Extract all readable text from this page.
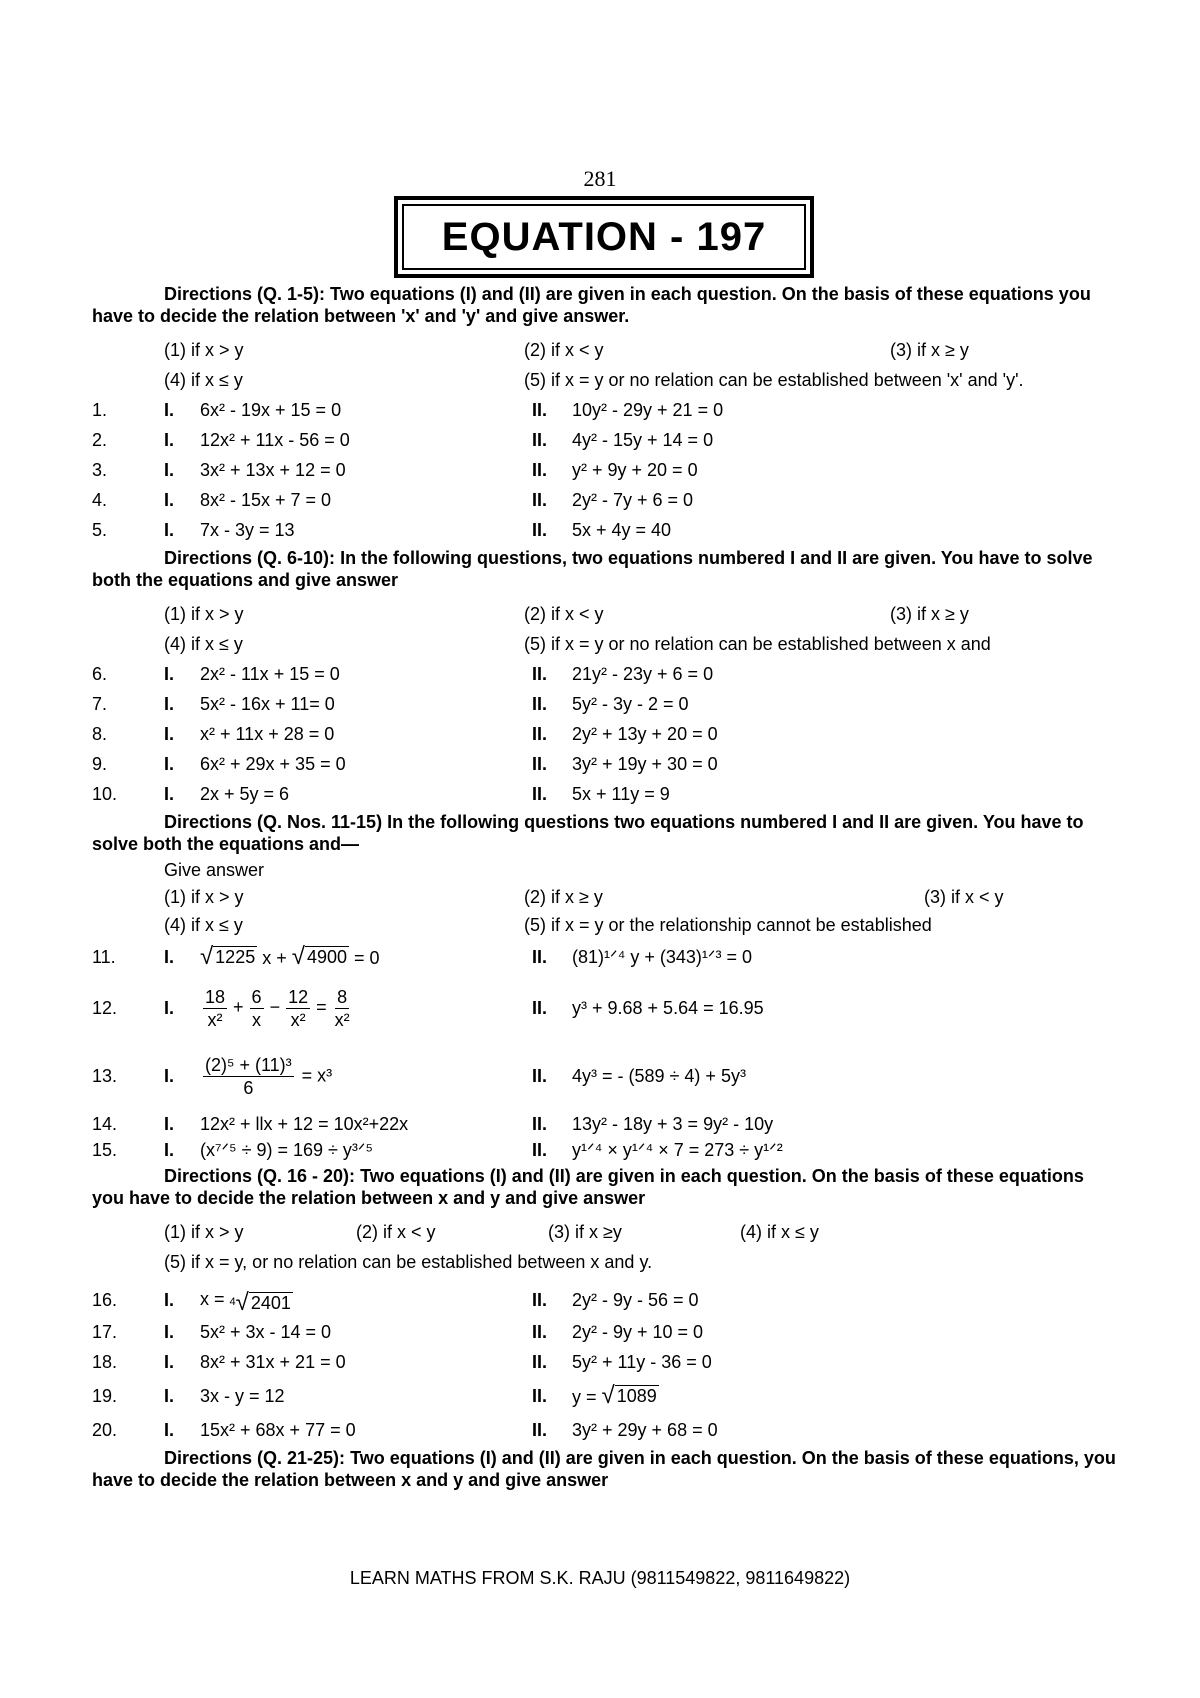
281
EQUATION - 197
Directions (Q. 1-5): Two equations (I) and (II) are given in each question. On the basis of these equations you have to decide the relation between 'x' and 'y' and give answer.
(1) if x > y	(2) if x < y	(3) if x ≥ y
(4) if x ≤ y	(5) if x = y or no relation can be established between 'x' and 'y'.
1.	I.	6x² - 19x + 15 = 0	II.	10y² - 29y + 21 = 0
2.	I.	12x² + 11x - 56 = 0	II.	4y² - 15y + 14 = 0
3.	I.	3x² + 13x + 12 = 0	II.	y² + 9y + 20 = 0
4.	I.	8x² - 15x + 7 = 0	II.	2y² - 7y + 6 = 0
5.	I.	7x - 3y = 13	II.	5x + 4y = 40
Directions (Q. 6-10): In the following questions, two equations numbered I and II are given. You have to solve both the equations and give answer
(1) if x > y	(2) if x < y	(3) if x ≥ y
(4) if x ≤ y	(5) if x = y or no relation can be established between x and
6.	I.	2x² - 11x + 15 = 0	II.	21y² - 23y + 6 = 0
7.	I.	5x² - 16x + 11= 0	II.	5y² - 3y - 2 = 0
8.	I.	x² + 11x + 28 = 0	II.	2y² + 13y + 20 = 0
9.	I.	6x² + 29x + 35 = 0	II.	3y² + 19y + 30 = 0
10.	I.	2x + 5y = 6	II.	5x + 11y = 9
Directions (Q. Nos. 11-15) In the following questions two equations numbered I and II are given. You have to solve both the equations and—
Give answer
(1) if x > y	(2) if x ≥ y	(3) if x < y
(4) if x ≤ y	(5) if x = y or the relationship cannot be established
11.	I.	√ 1225 x + √ 4900 = 0	II.	(81)¹ᐟ⁴ y + (343)¹ᐟ³ = 0
12.	I.	$\frac{18}{\text{x²}} + \frac{6}{x} - \frac{12}{\text{x²}} = \frac{8}{\text{x²}}$	II.	y³ + 9.68 + 5.64 = 16.95
13.	I.	$\frac{\text{(2)⁵ + (11)³}}{6} = x^3$	II.	4y³ = - (589 ÷ 4) + 5y³
14.	I.	12x² + llx + 12 = 10x²+22x	II.	13y² - 18y + 3 = 9y² - 10y
15.	I.	(x⁷ᐟ⁵ ÷ 9) = 169 ÷ y³ᐟ⁵	II.	y¹ᐟ⁴ × y¹ᐟ⁴ × 7 = 273 ÷ y¹ᐟ²
Directions (Q. 16 - 20): Two equations (I) and (II) are given in each question. On the basis of these equations you have to decide the relation between x and y and give answer
(1) if x > y	(2) if x < y	(3) if x ≥y	(4) if x ≤ y
(5) if x = y, or no relation can be established between x and y.
16.	I.	x = 4 √ 2401	II.	2y² - 9y - 56 = 0
17.	I.	5x² + 3x - 14 = 0	II.	2y² - 9y + 10 = 0
18.	I.	8x² + 31x + 21 = 0	II.	5y² + 11y - 36 = 0
19.	I.	3x - y = 12	II.	y = √ 1089
20.	I.	15x² + 68x + 77 = 0	II.	3y² + 29y + 68 = 0
Directions (Q. 21-25): Two equations (I) and (II) are given in each question. On the basis of these equations, you have to decide the relation between x and y and give answer
LEARN MATHS FROM S.K. RAJU (9811549822, 9811649822)
